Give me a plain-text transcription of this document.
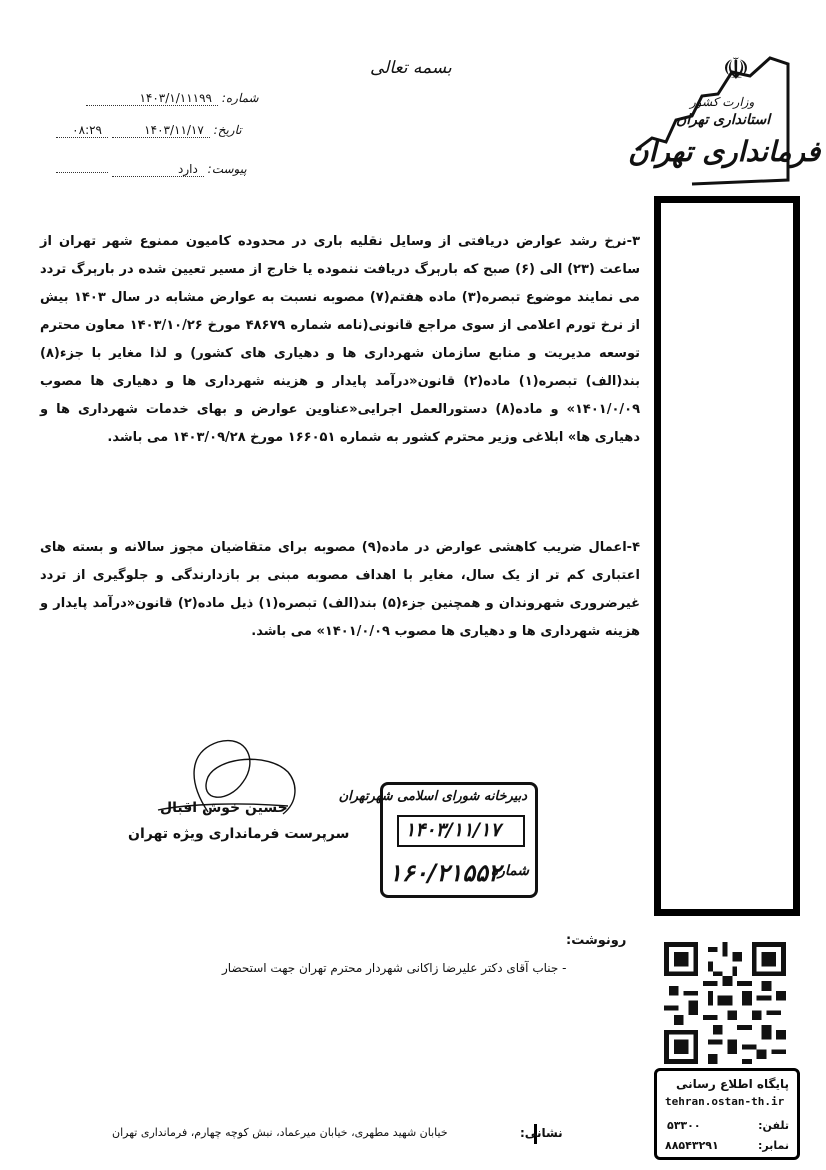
بسمه تعالی
شماره: ۱۴۰۳/۱/۱۱۱۹۹
تاریخ: ۱۴۰۳/۱۱/۱۷ ۰۸:۲۹
پیوست: دارد
☫
وزارت کشور
استانداری تهران
فرمانداری تهران
۳-نرخ رشد عوارض دریافتی از وسایل نقلیه باری در محدوده کامیون ممنوع شهر تهران از ساعت (۲۳) الی (۶) صبح که بارېرگ دریافت ننموده یا خارج از مسیر تعیین شده در بارېرگ تردد می نمایند موضوع تبصره(۳) ماده هفتم(۷) مصوبه نسبت به عوارض مشابه در سال ۱۴۰۳ بیش از نرخ تورم اعلامی از سوی مراجع قانونی(نامه شماره ۴۸۶۷۹ مورخ ۱۴۰۳/۱۰/۲۶ معاون محترم توسعه مدیریت و منابع سازمان شهرداری ها و دهیاری های کشور) و لذا مغایر با جزء(۸) بند(الف) تبصره(۱) ماده(۲) قانون«درآمد پایدار و هزینه شهرداری ها و دهیاری ها مصوب ۱۴۰۱/۰/۰۹» و ماده(۸) دستورالعمل اجرایی«عناوین عوارض و بهای خدمات شهرداری ها و دهیاری ها» ابلاغی وزیر محترم کشور به شماره ۱۶۶۰۵۱ مورخ ۱۴۰۳/۰۹/۲۸ می باشد.
۴-اعمال ضریب کاهشی عوارض در ماده(۹) مصوبه برای متقاضیان مجوز سالانه و بسته های اعتباری کم تر از یک سال، مغایر با اهداف مصوبه مبنی بر بازدارندگی و جلوگیری از تردد غیرضروری شهروندان و همچنین جزء(۵) بند(الف) تبصره(۱) ذیل ماده(۲) قانون«درآمد پایدار و هزینه شهرداری ها و دهیاری ها مصوب ۱۴۰۱/۰/۰۹» می باشد.
حسین خوش اقبال
سرپرست فرمانداری ویژه تهران
دبیرخانه شورای اسلامی شهرتهران
۱۴۰۳/۱۱/۱۷
شماره
۱۶۰/۲۱۵۵۲
رونوشت:
- جناب آقای دکتر علیرضا زاکانی شهردار محترم تهران جهت استحضار
پایگاه اطلاع رسانی
tehran.ostan-th.ir
تلفن:
۵۳۳۰۰
نمابر:
۸۸۵۴۳۲۹۱
نشانی:
خیابان شهید مطهری، خیابان میرعماد، نبش کوچه چهارم، فرمانداری تهران
